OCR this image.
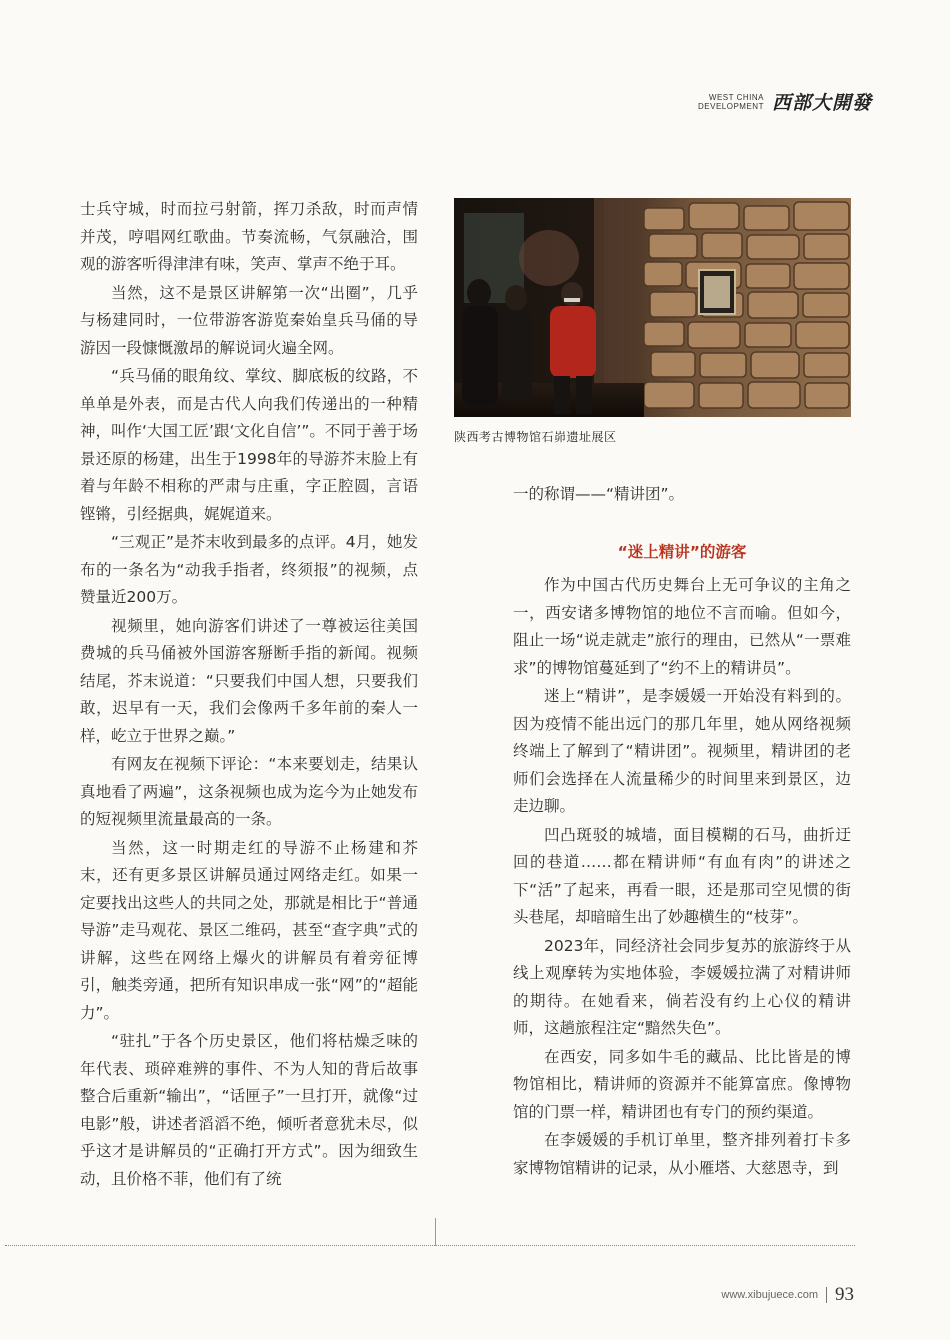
WEST CHINA
DEVELOPMENT 西部大開發

士兵守城，时而拉弓射箭，挥刀杀敌，时而声情并茂，哼唱网红歌曲。节奏流畅，气氛融洽，围观的游客听得津津有味，笑声、掌声不绝于耳。

当然，这不是景区讲解第一次“出圈”，几乎与杨建同时，一位带游客游览秦始皇兵马俑的导游因一段慷慨激昂的解说词火遍全网。

“兵马俑的眼角纹、掌纹、脚底板的纹路，不单单是外表，而是古代人向我们传递出的一种精神，叫作‘大国工匠’跟‘文化自信’”。不同于善于场景还原的杨建，出生于1998年的导游芥末脸上有着与年龄不相称的严肃与庄重，字正腔圆，言语铿锵，引经据典，娓娓道来。

“三观正”是芥末收到最多的点评。4月，她发布的一条名为“动我手指者，终须报”的视频，点赞量近200万。

视频里，她向游客们讲述了一尊被运往美国费城的兵马俑被外国游客掰断手指的新闻。视频结尾，芥末说道：“只要我们中国人想，只要我们敢，迟早有一天，我们会像两千多年前的秦人一样，屹立于世界之巅。”

有网友在视频下评论：“本来要划走，结果认真地看了两遍”，这条视频也成为迄今为止她发布的短视频里流量最高的一条。

当然，这一时期走红的导游不止杨建和芥末，还有更多景区讲解员通过网络走红。如果一定要找出这些人的共同之处，那就是相比于“普通导游”走马观花、景区二维码，甚至“查字典”式的讲解，这些在网络上爆火的讲解员有着旁征博引，触类旁通，把所有知识串成一张“网”的“超能力”。

“驻扎”于各个历史景区，他们将枯燥乏味的年代表、琐碎难辨的事件、不为人知的背后故事整合后重新“输出”，“话匣子”一旦打开，就像“过电影”般，讲述者滔滔不绝，倾听者意犹未尽，似乎这才是讲解员的“正确打开方式”。因为细致生动，且价格不菲，他们有了统

陕西考古博物馆石峁遗址展区

一的称谓——“精讲团”。

“迷上精讲”的游客

作为中国古代历史舞台上无可争议的主角之一，西安诸多博物馆的地位不言而喻。但如今，阻止一场“说走就走”旅行的理由，已然从“一票难求”的博物馆蔓延到了“约不上的精讲员”。

迷上“精讲”，是李媛媛一开始没有料到的。因为疫情不能出远门的那几年里，她从网络视频终端上了解到了“精讲团”。视频里，精讲团的老师们会选择在人流量稀少的时间里来到景区，边走边聊。

凹凸斑驳的城墙，面目模糊的石马，曲折迂回的巷道……都在精讲师“有血有肉”的讲述之下“活”了起来，再看一眼，还是那司空见惯的街头巷尾，却暗暗生出了妙趣横生的“枝芽”。

2023年，同经济社会同步复苏的旅游终于从线上观摩转为实地体验，李媛媛拉满了对精讲师的期待。在她看来，倘若没有约上心仪的精讲师，这趟旅程注定“黯然失色”。

在西安，同多如牛毛的藏品、比比皆是的博物馆相比，精讲师的资源并不能算富庶。像博物馆的门票一样，精讲团也有专门的预约渠道。

在李媛媛的手机订单里，整齐排列着打卡多家博物馆精讲的记录，从小雁塔、大慈恩寺，到

www.xibujuece.com 93
